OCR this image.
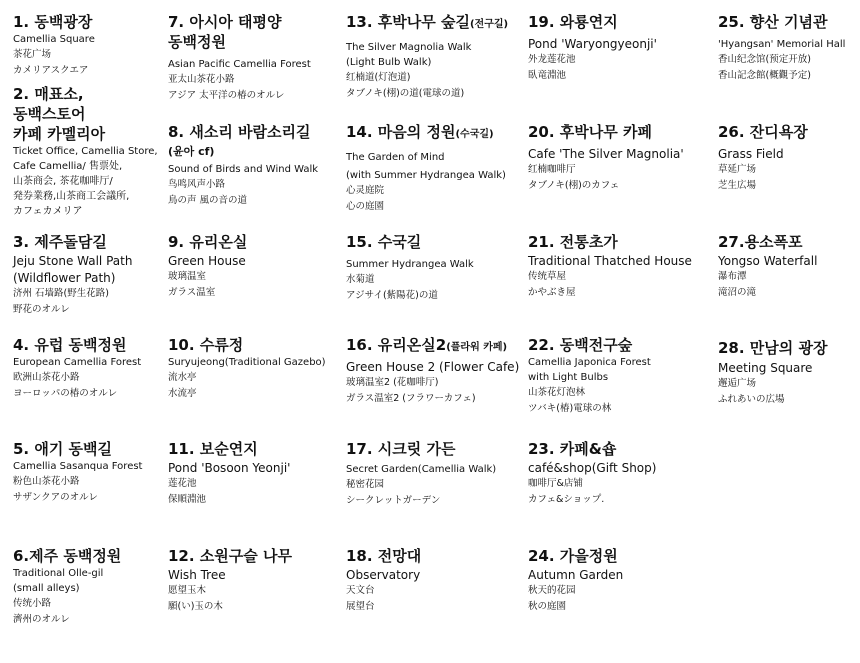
1. 동백광장
Camellia Square
茶花广场
カメリアスクエア
2. 매표소,
동백스토어
카페 카멜리아
Ticket Office, Camellia Store,
Cafe Camellia/ 售票处,
山茶商会, 茶花咖啡厅/
発券業務,山茶商工会議所,
カフェカメリア
3. 제주돌담길
Jeju Stone Wall Path
(Wildflower Path)
济州 石墙路(野生花路)
野花のオルレ
4. 유럽 동백정원
European Camellia Forest
欧洲山茶花小路
ヨーロッパの椿のオルレ
5. 애기 동백길
Camellia Sasanqua Forest
粉色山茶花小路
サザンクアのオルレ
6.제주 동백정원
Traditional Olle-gil
(small alleys)
传统小路
濟州のオルレ
7. 아시아 태평양
동백정원
Asian Pacific Camellia Forest
亚太山茶花小路
アジア 太平洋の椿のオルレ
8. 새소리 바람소리길
(윤아 cf)
Sound of Birds and Wind Walk
鸟鸣风声小路
鳥の声 風の音の道
9. 유리온실
Green House
玻璃温室
ガラス温室
10. 수류정
Suryujeong(Traditional Gazebo)
流水亭
水流亭
11. 보순연지
Pond 'Bosoon Yeonji'
莲花池
保順淵池
12. 소원구슬 나무
Wish Tree
愿望玉木
願(い)玉の木
13. 후박나무 숲길(전구길)
The Silver Magnolia Walk
(Light Bulb Walk)
红楠道(灯泡道)
タブノキ(栩)の道(電球の道)
14. 마음의 정원(수국길)
The Garden of Mind
(with Summer Hydrangea Walk)
心灵庭院
心の庭園
15. 수국길
Summer Hydrangea Walk
水菊道
アジサイ(紫陽花)の道
16. 유리온실2(플라워 카페)
Green House 2 (Flower Cafe)
玻璃温室2 (花咖啡厅)
ガラス温室2 (フラワーカフェ)
17. 시크릿 가든
Secret Garden(Camellia Walk)
秘密花园
シークレットガーデン
18. 전망대
Observatory
天文台
展望台
19. 와룡연지
Pond 'Waryongyeonji'
外龙莲花池
臥竜淵池
20. 후박나무 카페
Cafe 'The Silver Magnolia'
红楠咖啡厅
タブノキ(栩)のカフェ
21. 전통초가
Traditional Thatched House
传统草屋
かやぶき屋
22. 동백전구숲
Camellia Japonica Forest
with Light Bulbs
山茶花灯泡林
ツバキ(椿)電球の林
23. 카페&숍
café&shop(Gift Shop)
咖啡厅&店铺
カフェ&ショップ.
24. 가을정원
Autumn Garden
秋天的花园
秋の庭園
25. 향산 기념관
'Hyangsan' Memorial Hall
香山纪念馆(预定开放)
香山記念館(概觀予定)
26. 잔디욕장
Grass Field
草延广场
芝生広場
27.용소폭포
Yongso Waterfall
瀑布潭
滝沼の滝
28. 만남의 광장
Meeting Square
邂逅广场
ふれあいの広場
